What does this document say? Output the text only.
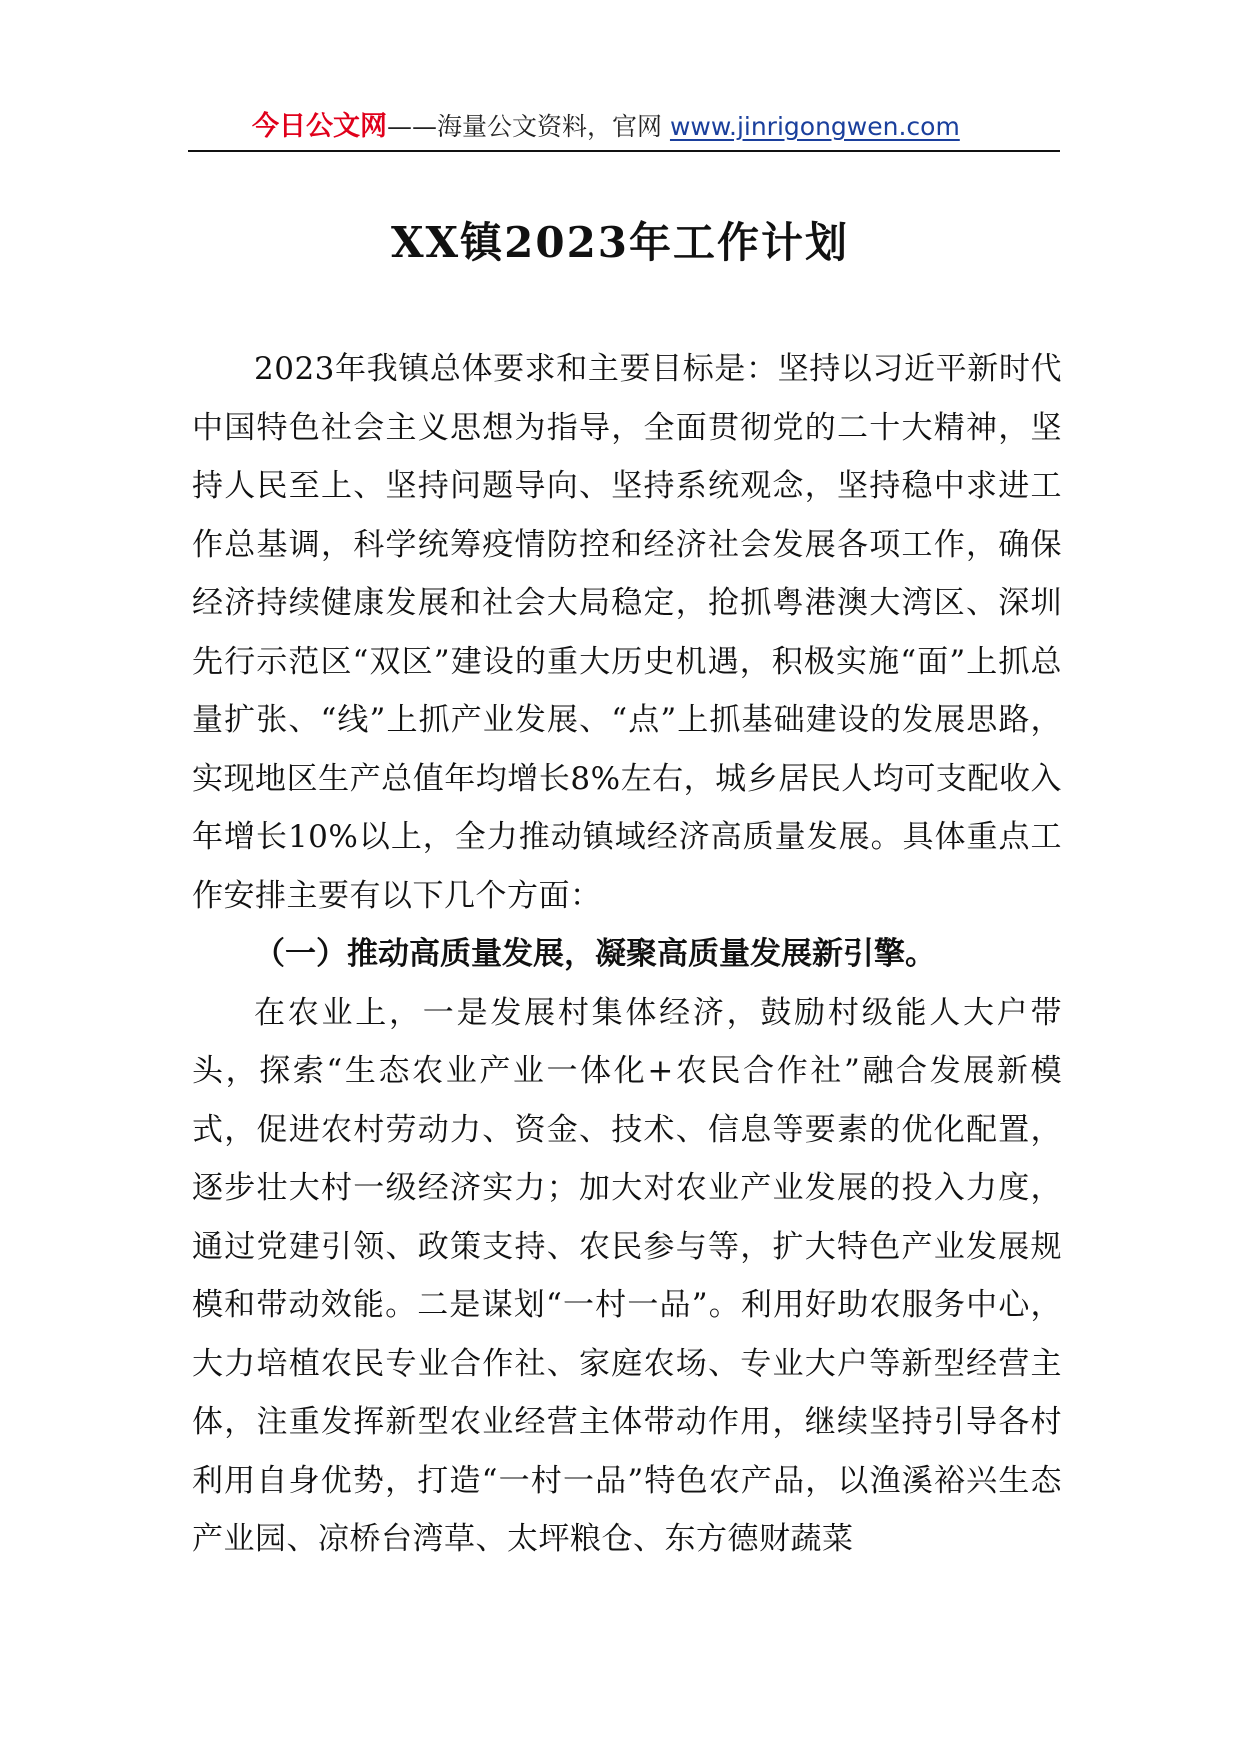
今日公文网——海量公文资料，官网 www.jinrigongwen.com
XX镇2023年工作计划

2023年我镇总体要求和主要目标是：坚持以习近平新时代中国特色社会主义思想为指导，全面贯彻党的二十大精神，坚持人民至上、坚持问题导向、坚持系统观念，坚持稳中求进工作总基调，科学统筹疫情防控和经济社会发展各项工作，确保经济持续健康发展和社会大局稳定，抢抓粤港澳大湾区、深圳先行示范区“双区”建设的重大历史机遇，积极实施“面”上抓总量扩张、“线”上抓产业发展、“点”上抓基础建设的发展思路，实现地区生产总值年均增长8%左右，城乡居民人均可支配收入年增长10%以上，全力推动镇域经济高质量发展。具体重点工作安排主要有以下几个方面：

（一）推动高质量发展，凝聚高质量发展新引擎。

在农业上，一是发展村集体经济，鼓励村级能人大户带头，探索“生态农业产业一体化+农民合作社”融合发展新模式，促进农村劳动力、资金、技术、信息等要素的优化配置，逐步壮大村一级经济实力；加大对农业产业发展的投入力度，通过党建引领、政策支持、农民参与等，扩大特色产业发展规模和带动效能。二是谋划“一村一品”。利用好助农服务中心，大力培植农民专业合作社、家庭农场、专业大户等新型经营主体，注重发挥新型农业经营主体带动作用，继续坚持引导各村利用自身优势，打造“一村一品”特色农产品，以渔溪裕兴生态产业园、凉桥台湾草、太坪粮仓、东方德财蔬菜
